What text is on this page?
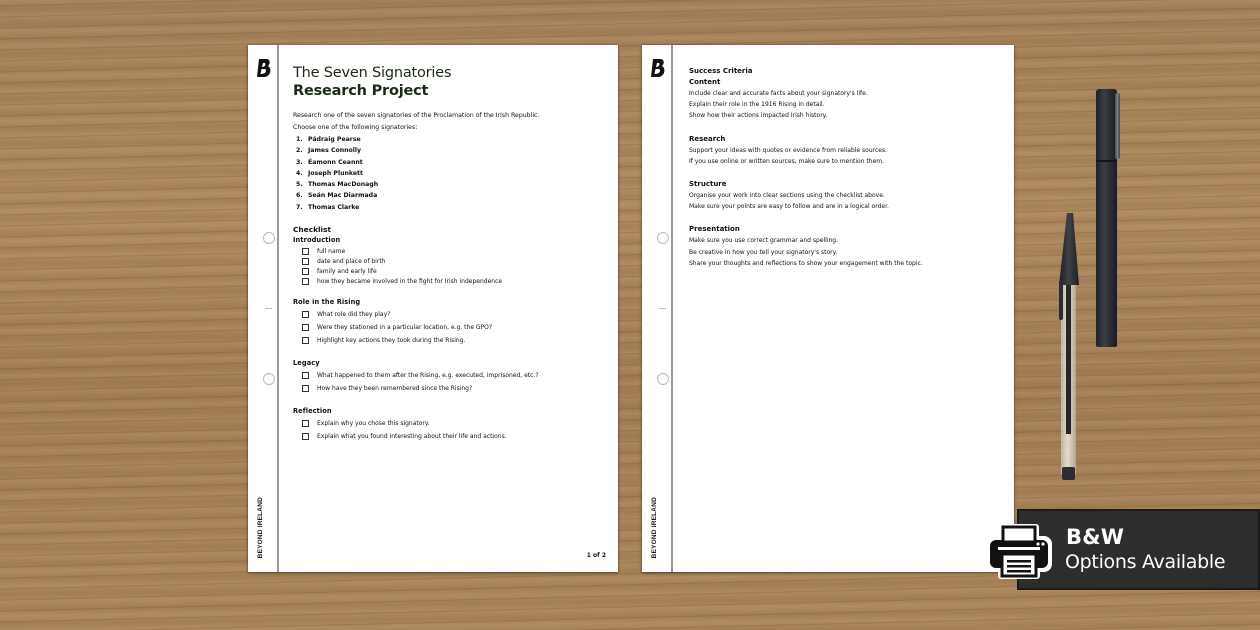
BEYOND IRELAND
The Seven Signatories
Research Project
Research one of the seven signatories of the Proclamation of the Irish Republic.
Choose one of the following signatories:
1. Pádraig Pearse
2. James Connolly
3. Éamonn Ceannt
4. Joseph Plunkett
5. Thomas MacDonagh
6. Seán Mac Diarmada
7. Thomas Clarke
Checklist
Introduction
full name
date and place of birth
family and early life
how they became involved in the fight for Irish independence
Role in the Rising
What role did they play?
Were they stationed in a particular location, e.g. the GPO?
Highlight key actions they took during the Rising.
Legacy
What happened to them after the Rising, e.g. executed, imprisoned, etc.?
How have they been remembered since the Rising?
Reflection
Explain why you chose this signatory.
Explain what you found interesting about their life and actions.
1 of 2	BEYOND IRELAND
Success Criteria
Content
Include clear and accurate facts about your signatory's life.
Explain their role in the 1916 Rising in detail.
Show how their actions impacted Irish history.
Research
Support your ideas with quotes or evidence from reliable sources.
If you use online or written sources, make sure to mention them.
Structure
Organise your work into clear sections using the checklist above.
Make sure your points are easy to follow and are in a logical order.
Presentation
Make sure you use correct grammar and spelling.
Be creative in how you tell your signatory's story.
Share your thoughts and reflections to show your engagement with the topic.
B&W
Options Available
